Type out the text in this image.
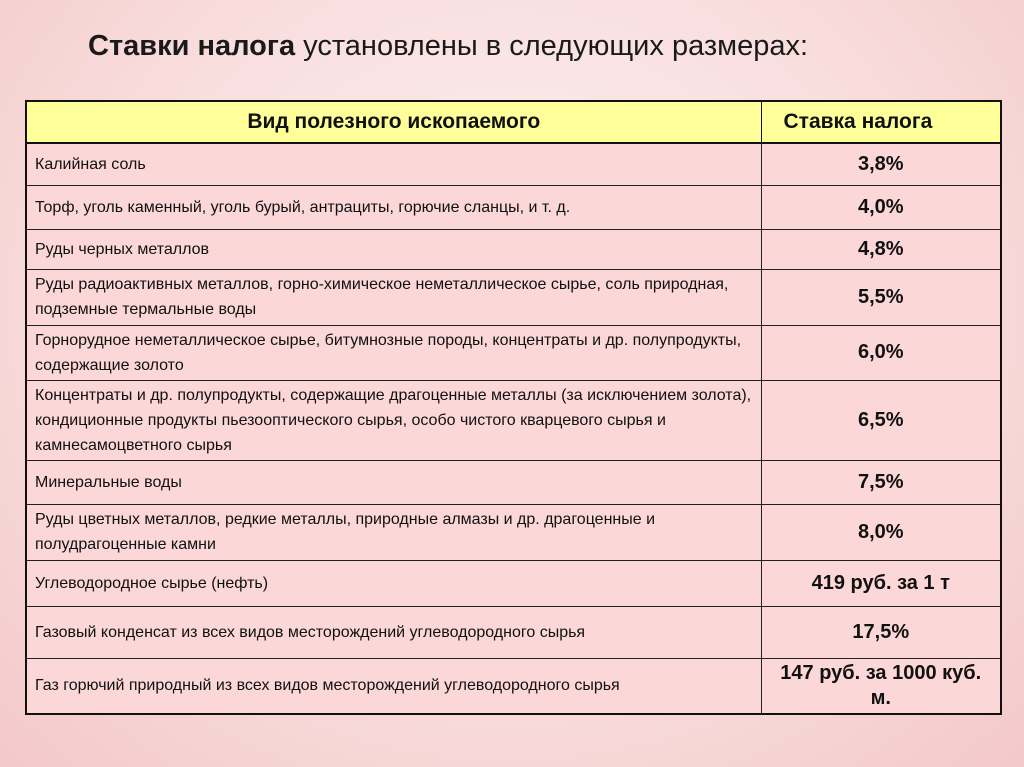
Ставки налога установлены в следующих размерах:
Вид полезного ископаемого	Ставка налога
Калийная соль	3,8%
Торф, уголь каменный, уголь бурый, антрациты, горючие сланцы, и т. д.	4,0%
Руды черных металлов	4,8%
Руды радиоактивных металлов, горно-химическое неметаллическое сырье, соль природная, подземные термальные воды	5,5%
Горнорудное неметаллическое сырье, битумнозные породы, концентраты и др. полупродукты, содержащие золото	6,0%
Концентраты и др. полупродукты, содержащие драгоценные металлы (за исключением золота), кондиционные продукты пьезооптического сырья, особо чистого кварцевого сырья и камнесамоцветного сырья	6,5%
Минеральные воды	7,5%
Руды цветных металлов, редкие металлы, природные алмазы и др. драгоценные и полудрагоценные камни	8,0%
Углеводородное сырье (нефть)	419 руб. за 1 т
Газовый конденсат из всех видов месторождений углеводородного сырья	17,5%
Газ горючий природный из всех видов месторождений углеводородного сырья	147 руб. за 1000 куб. м.
